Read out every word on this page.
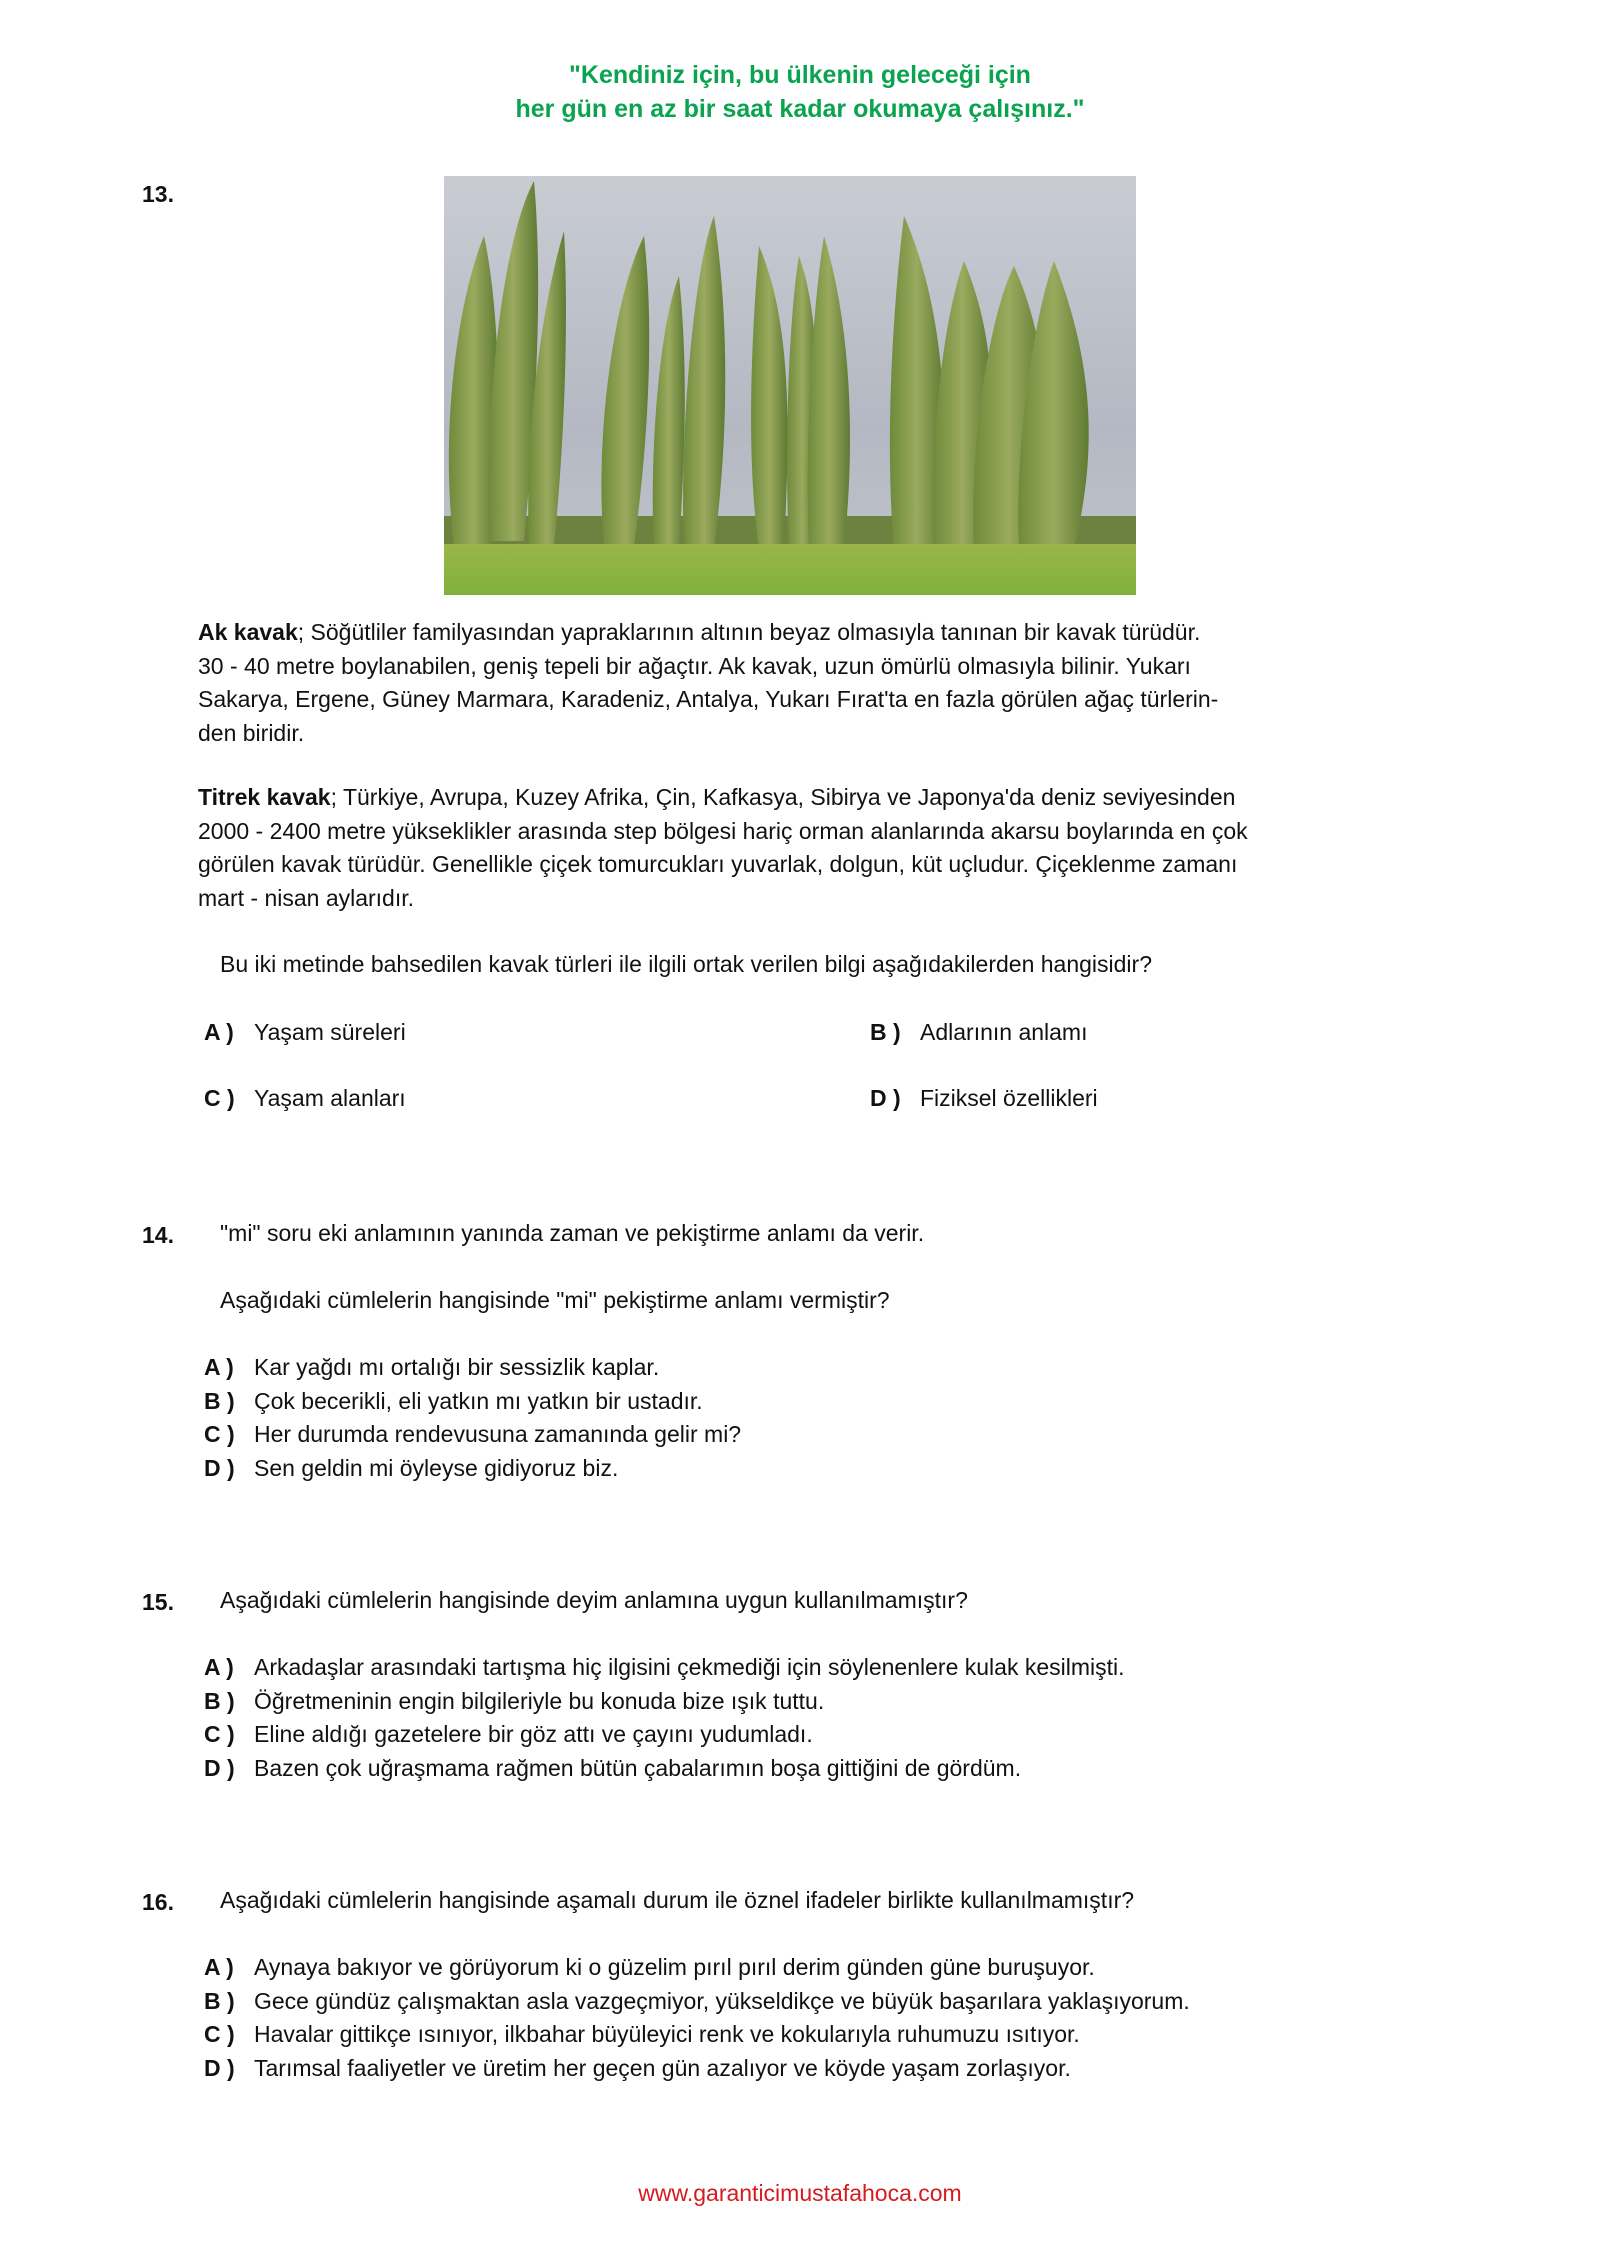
"Kendiniz için, bu ülkenin geleceği için
her gün en az bir saat kadar okumaya çalışınız."
13.
Ak kavak; Söğütliler familyasından yapraklarının altının beyaz olmasıyla tanınan bir kavak türüdür.
30 - 40 metre boylanabilen, geniş tepeli bir ağaçtır. Ak kavak, uzun ömürlü olmasıyla bilinir. Yukarı
Sakarya, Ergene, Güney Marmara, Karadeniz, Antalya, Yukarı Fırat'ta en fazla görülen ağaç türlerin-
den biridir.
Titrek kavak; Türkiye, Avrupa, Kuzey Afrika, Çin, Kafkasya, Sibirya ve Japonya'da deniz seviyesinden
2000 - 2400 metre yükseklikler arasında step bölgesi hariç orman alanlarında akarsu boylarında en çok
görülen kavak türüdür. Genellikle çiçek tomurcukları yuvarlak, dolgun, küt uçludur. Çiçeklenme zamanı
mart - nisan aylarıdır.
Bu iki metinde bahsedilen kavak türleri ile ilgili ortak verilen bilgi aşağıdakilerden hangisidir?
A ) Yaşam süreleri	B ) Adlarının anlamı
C ) Yaşam alanları	D ) Fiziksel özellikleri
14. "mi" soru eki anlamının yanında zaman ve pekiştirme anlamı da verir.
Aşağıdaki cümlelerin hangisinde "mi" pekiştirme anlamı vermiştir?
A ) Kar yağdı mı ortalığı bir sessizlik kaplar.
B ) Çok becerikli, eli yatkın mı yatkın bir ustadır.
C ) Her durumda rendevusuna zamanında gelir mi?
D ) Sen geldin mi öyleyse gidiyoruz biz.
15. Aşağıdaki cümlelerin hangisinde deyim anlamına uygun kullanılmamıştır?
A ) Arkadaşlar arasındaki tartışma hiç ilgisini çekmediği için söylenenlere kulak kesilmişti.
B ) Öğretmeninin engin bilgileriyle bu konuda bize ışık tuttu.
C ) Eline aldığı gazetelere bir göz attı ve çayını yudumladı.
D ) Bazen çok uğraşmama rağmen bütün çabalarımın boşa gittiğini de gördüm.
16. Aşağıdaki cümlelerin hangisinde aşamalı durum ile öznel ifadeler birlikte kullanılmamıştır?
A ) Aynaya bakıyor ve görüyorum ki o güzelim pırıl pırıl derim günden güne buruşuyor.
B ) Gece gündüz çalışmaktan asla vazgeçmiyor, yükseldikçe ve büyük başarılara yaklaşıyorum.
C ) Havalar gittikçe ısınıyor, ilkbahar büyüleyici renk ve kokularıyla ruhumuzu ısıtıyor.
D ) Tarımsal faaliyetler ve üretim her geçen gün azalıyor ve köyde yaşam zorlaşıyor.
www.garanticimustafahoca.com
